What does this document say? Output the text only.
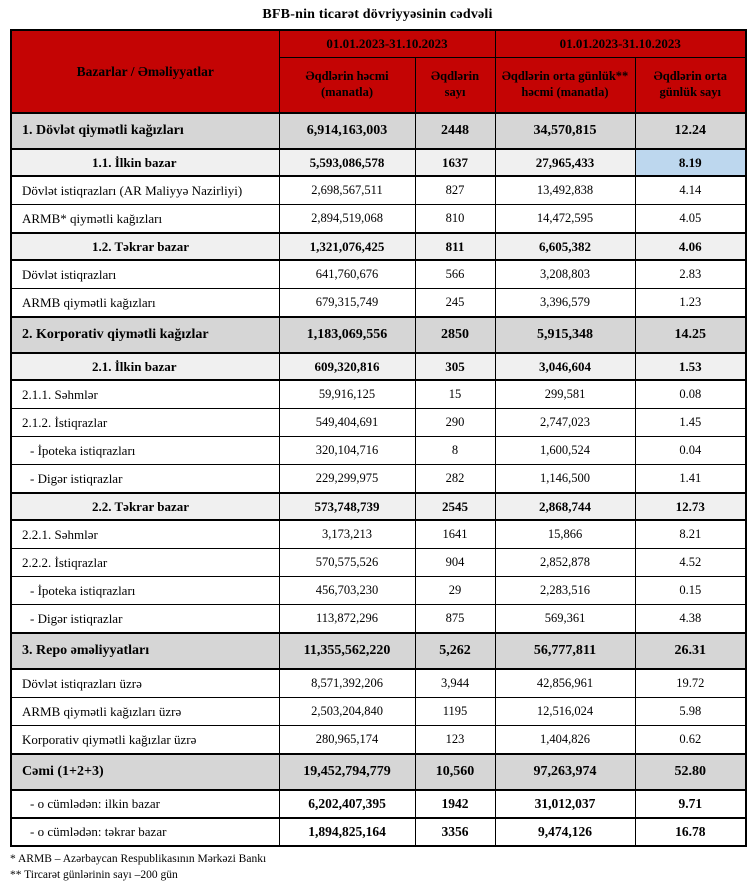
BFB-nin ticarət dövriyyəsinin cədvəli
Bazarlar / Əməliyyatlar	01.01.2023-31.10.2023		01.01.2023-31.10.2023	
	Əqdlərin həcmi (manatla)	Əqdlərin sayı	Əqdlərin orta günlük** həcmi (manatla)	Əqdlərin orta günlük sayı
1. Dövlət qiymətli kağızları	6,914,163,003	2448	34,570,815	12.24
1.1. İlkin bazar	5,593,086,578	1637	27,965,433	8.19
Dövlət istiqrazları (AR Maliyyə Nazirliyi)	2,698,567,511	827	13,492,838	4.14
ARMB* qiymətli kağızları	2,894,519,068	810	14,472,595	4.05
1.2. Təkrar bazar	1,321,076,425	811	6,605,382	4.06
Dövlət istiqrazları	641,760,676	566	3,208,803	2.83
ARMB qiymətli kağızları	679,315,749	245	3,396,579	1.23
2. Korporativ qiymətli kağızlar	1,183,069,556	2850	5,915,348	14.25
2.1. İlkin bazar	609,320,816	305	3,046,604	1.53
2.1.1. Səhmlər	59,916,125	15	299,581	0.08
2.1.2. İstiqrazlar	549,404,691	290	2,747,023	1.45
- İpoteka istiqrazları	320,104,716	8	1,600,524	0.04
- Digər istiqrazlar	229,299,975	282	1,146,500	1.41
2.2. Təkrar bazar	573,748,739	2545	2,868,744	12.73
2.2.1. Səhmlər	3,173,213	1641	15,866	8.21
2.2.2. İstiqrazlar	570,575,526	904	2,852,878	4.52
- İpoteka istiqrazları	456,703,230	29	2,283,516	0.15
- Digər istiqrazlar	113,872,296	875	569,361	4.38
3. Repo əməliyyatları	11,355,562,220	5,262	56,777,811	26.31
Dövlət istiqrazları üzrə	8,571,392,206	3,944	42,856,961	19.72
ARMB qiymətli kağızları üzrə	2,503,204,840	1195	12,516,024	5.98
Korporativ qiymətli kağızlar üzrə	280,965,174	123	1,404,826	0.62
Cəmi (1+2+3)	19,452,794,779	10,560	97,263,974	52.80
- o cümlədən: ilkin bazar	6,202,407,395	1942	31,012,037	9.71
- o cümlədən: təkrar bazar	1,894,825,164	3356	9,474,126	16.78
* ARMB – Azərbaycan Respublikasının Mərkəzi Bankı
** Tircarət günlərinin sayı –200 gün
